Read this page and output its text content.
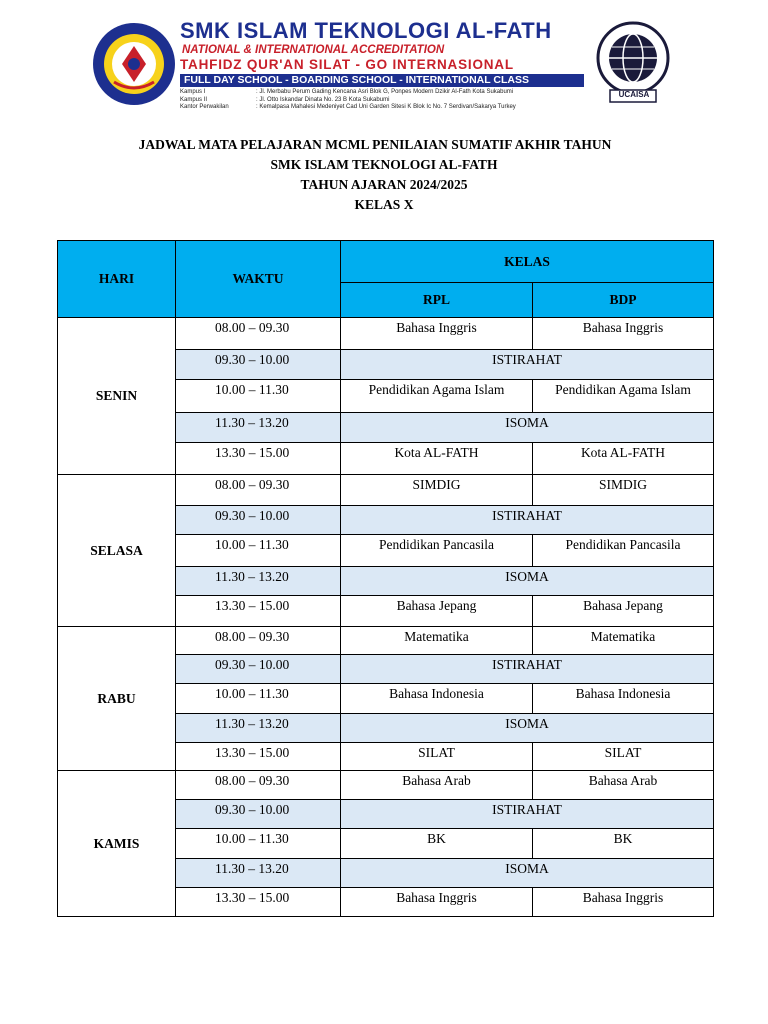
UCAISA
SMK ISLAM TEKNOLOGI AL-FATH
NATIONAL & INTERNATIONAL ACCREDITATION
TAHFIDZ QUR'AN SILAT - GO INTERNASIONAL
FULL DAY SCHOOL - BOARDING SCHOOL - INTERNATIONAL CLASS
Kampus I	: Jl. Merbabu Perum Gading Kencana Asri Blok G, Ponpes Modern Dzikir Al-Fath Kota Sukabumi
Kampus II	: Jl. Otto Iskandar Dinata No. 23 B Kota Sukabumi
Kantor Perwakilan	: Kemalpasa Mahalesi Medeniyet Cad Uni Garden Sitesi K Blok Ic No. 7 Serdivan/Sakarya Turkey
JADWAL MATA PELAJARAN MCML PENILAIAN SUMATIF AKHIR TAHUN
SMK ISLAM TEKNOLOGI AL-FATH
TAHUN AJARAN 2024/2025
KELAS X
HARI	WAKTU	KELAS	
		RPL	BDP
SENIN	08.00 – 09.30	Bahasa Inggris	Bahasa Inggris
	09.30 – 10.00	ISTIRAHAT	
	10.00 – 11.30	Pendidikan Agama Islam	Pendidikan Agama Islam
	11.30 – 13.20	ISOMA	
	13.30 – 15.00	Kota AL-FATH	Kota AL-FATH
SELASA	08.00 – 09.30	SIMDIG	SIMDIG
	09.30 – 10.00	ISTIRAHAT	
	10.00 – 11.30	Pendidikan Pancasila	Pendidikan Pancasila
	11.30 – 13.20	ISOMA	
	13.30 – 15.00	Bahasa Jepang	Bahasa Jepang
RABU	08.00 – 09.30	Matematika	Matematika
	09.30 – 10.00	ISTIRAHAT	
	10.00 – 11.30	Bahasa Indonesia	Bahasa Indonesia
	11.30 – 13.20	ISOMA	
	13.30 – 15.00	SILAT	SILAT
KAMIS	08.00 – 09.30	Bahasa Arab	Bahasa Arab
	09.30 – 10.00	ISTIRAHAT	
	10.00 – 11.30	BK	BK
	11.30 – 13.20	ISOMA	
	13.30 – 15.00	Bahasa Inggris	Bahasa Inggris
